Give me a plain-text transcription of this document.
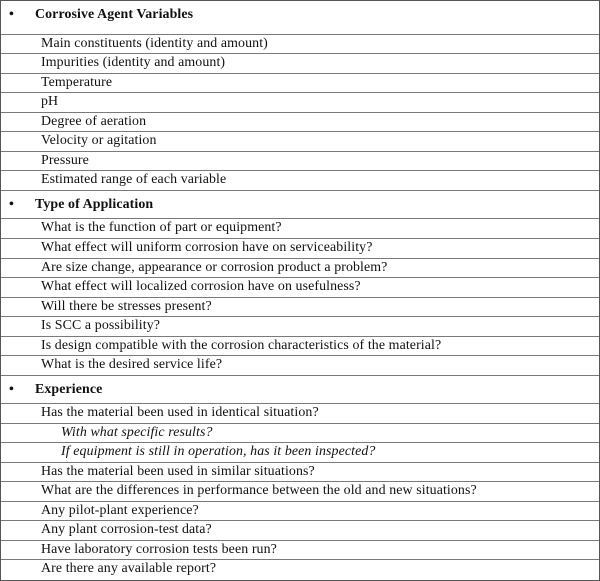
•	Corrosive Agent Variables
Main constituents (identity and amount)
Impurities (identity and amount)
Temperature
pH
Degree of aeration
Velocity or agitation
Pressure
Estimated range of each variable
•	Type of Application
What is the function of part or equipment?
What effect will uniform corrosion have on serviceability?
Are size change, appearance or corrosion product a problem?
What effect will localized corrosion have on usefulness?
Will there be stresses present?
Is SCC a possibility?
Is design compatible with the corrosion characteristics of the material?
What is the desired service life?
•	Experience
Has the material been used in identical situation?
With what specific results?
If equipment is still in operation, has it been inspected?
Has the material been used in similar situations?
What are the differences in performance between the old and new situations?
Any pilot-plant experience?
Any plant corrosion-test data?
Have laboratory corrosion tests been run?
Are there any available report?
